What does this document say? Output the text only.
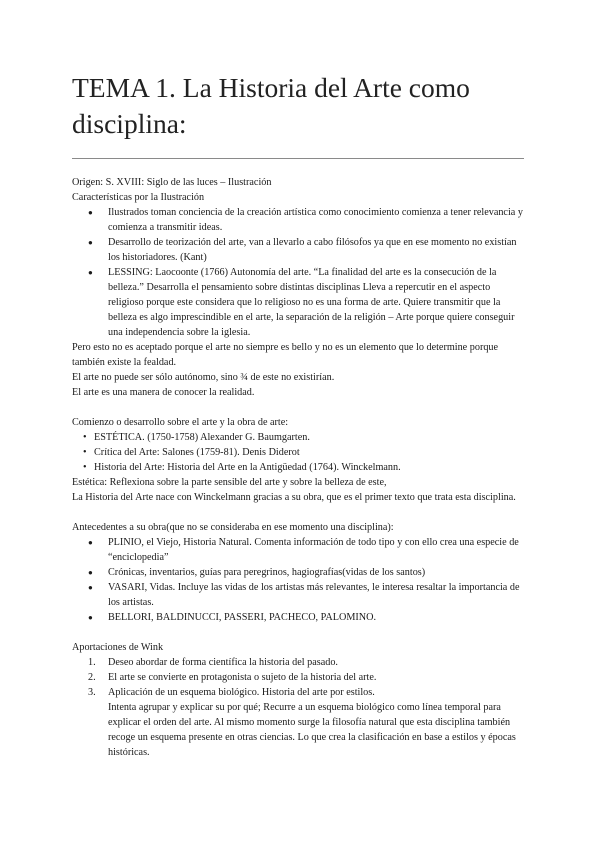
TEMA 1. La Historia del Arte como disciplina:

Origen: S. XVIII: Siglo de las luces – Ilustración

Características por la Ilustración

● Ilustrados toman conciencia de la creación artística como conocimiento comienza a tener relevancia y comienza a transmitir ideas.
● Desarrollo de teorización del arte, van a llevarlo a cabo filósofos ya que en ese momento no existían los historiadores. (Kant)
● LESSING: Laocoonte (1766) Autonomía del arte. “La finalidad del arte es la consecución de la belleza.” Desarrolla el pensamiento sobre distintas disciplinas Lleva a repercutir en el aspecto religioso porque este considera que lo religioso no es una forma de arte. Quiere transmitir que la belleza es algo imprescindible en el arte, la separación de la religión – Arte porque quiere conseguir una independencia sobre la iglesia.

Pero esto no es aceptado porque el arte no siempre es bello y no es un elemento que lo determine porque también existe la fealdad.

El arte no puede ser sólo autónomo, sino ¾ de este no existirían.

El arte es una manera de conocer la realidad.

Comienzo o desarrollo sobre el arte y la obra de arte:

• ESTÉTICA. (1750-1758) Alexander G. Baumgarten.
• Crítica del Arte: Salones (1759-81). Denis Diderot
• Historia del Arte: Historia del Arte en la Antigüedad (1764). Winckelmann.

Estética: Reflexiona sobre la parte sensible del arte y sobre la belleza de este,

La Historia del Arte nace con Winckelmann gracias a su obra, que es el primer texto que trata esta disciplina.

Antecedentes a su obra(que no se consideraba en ese momento una disciplina):

● PLINIO, el Viejo, Historia Natural. Comenta información de todo tipo y con ello crea una especie de “enciclopedia”
● Crónicas, inventarios, guías para peregrinos, hagiografías(vidas de los santos)
● VASARI, Vidas. Incluye las vidas de los artistas más relevantes, le interesa resaltar la importancia de los artistas.
● BELLORI, BALDINUCCI, PASSERI, PACHECO, PALOMINO.

Aportaciones de Wink

1. Deseo abordar de forma científica la historia del pasado.
2. El arte se convierte en protagonista o sujeto de la historia del arte.
3. Aplicación de un esquema biológico. Historia del arte por estilos.
Intenta agrupar y explicar su por qué; Recurre a un esquema biológico como línea temporal para explicar el orden del arte. Al mismo momento surge la filosofía natural que esta disciplina también recoge un esquema presente en otras ciencias. Lo que crea la clasificación en base a estilos y épocas históricas.
